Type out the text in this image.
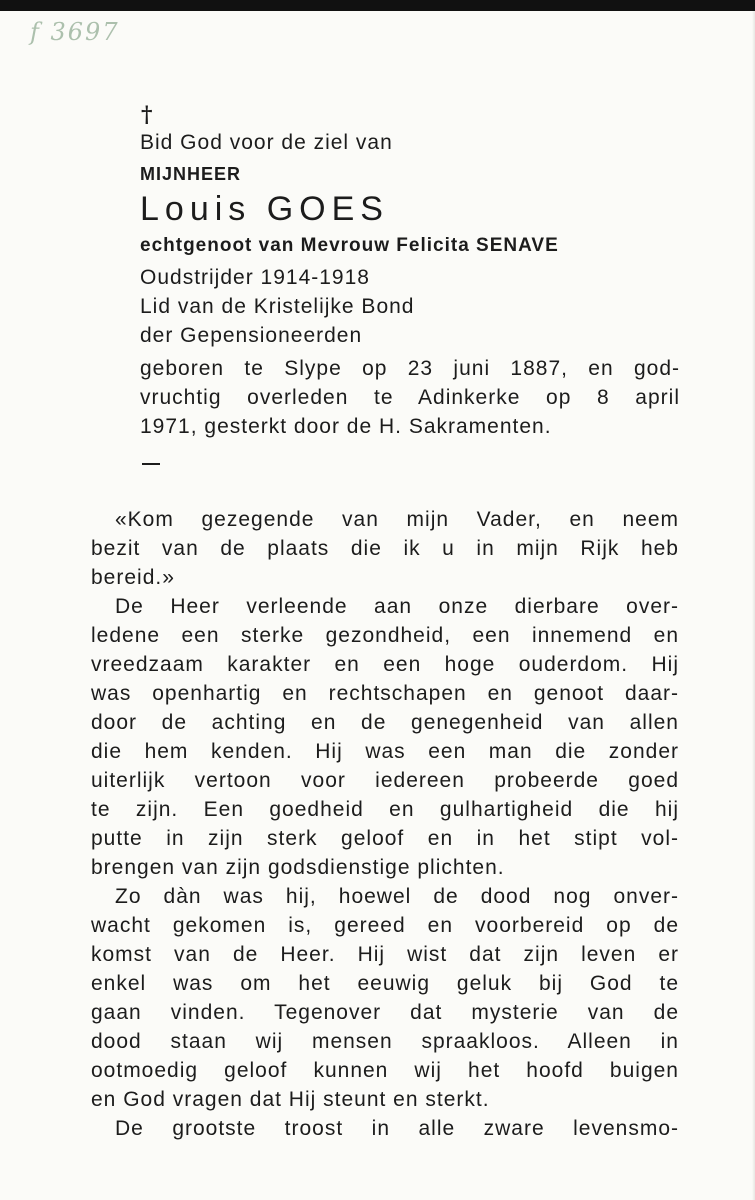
f 3697
†
Bid God voor de ziel van
MIJNHEER
Louis GOES
echtgenoot van Mevrouw Felicita SENAVE
Oudstrijder 1914-1918
Lid van de Kristelijke Bond
der Gepensioneerden
geboren te Slype op 23 juni 1887, en god-
vruchtig overleden te Adinkerke op 8 april
1971, gesterkt door de H. Sakramenten.
«Kom gezegende van mijn Vader, en neem
bezit van de plaats die ik u in mijn Rijk heb
bereid.»
De Heer verleende aan onze dierbare over-
ledene een sterke gezondheid, een innemend en
vreedzaam karakter en een hoge ouderdom. Hij
was openhartig en rechtschapen en genoot daar-
door de achting en de genegenheid van allen
die hem kenden. Hij was een man die zonder
uiterlijk vertoon voor iedereen probeerde goed
te zijn. Een goedheid en gulhartigheid die hij
putte in zijn sterk geloof en in het stipt vol-
brengen van zijn godsdienstige plichten.
Zo dàn was hij, hoewel de dood nog onver-
wacht gekomen is, gereed en voorbereid op de
komst van de Heer. Hij wist dat zijn leven er
enkel was om het eeuwig geluk bij God te
gaan vinden. Tegenover dat mysterie van de
dood staan wij mensen spraakloos. Alleen in
ootmoedig geloof kunnen wij het hoofd buigen
en God vragen dat Hij steunt en sterkt.
De grootste troost in alle zware levensmo-
